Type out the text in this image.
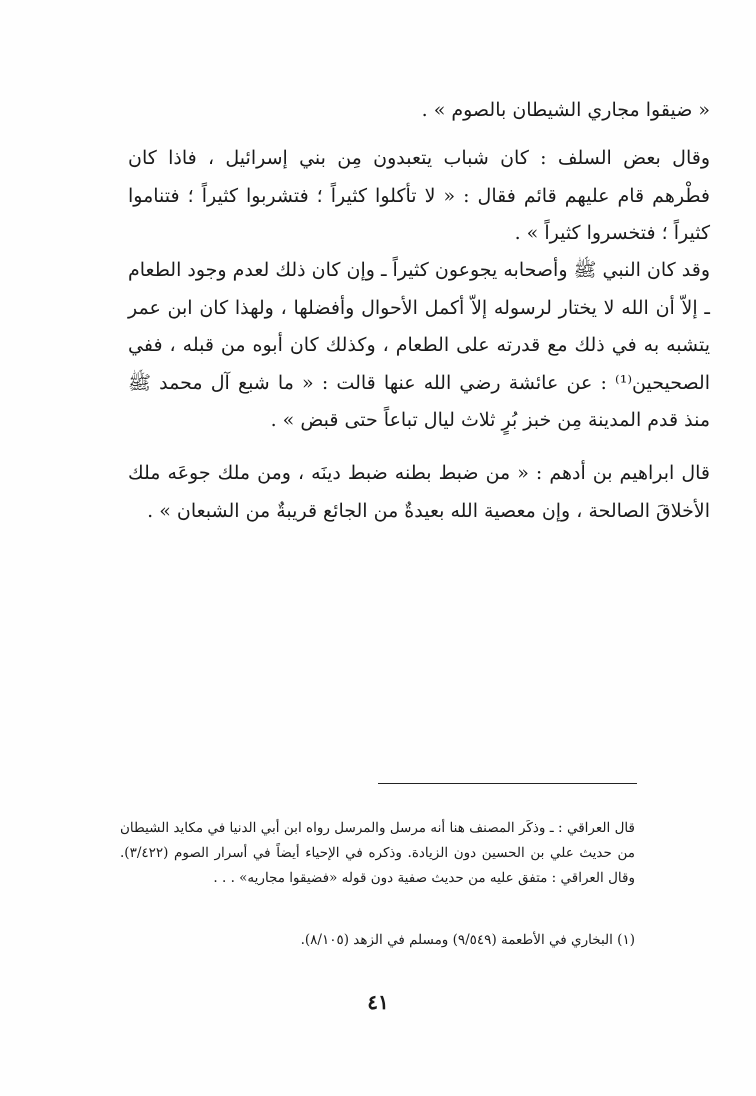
« ضيقوا مجاري الشيطان بالصوم » .

وقال بعض السلف : كان شباب يتعبدون مِن بني إسرائيل ، فاذا كان فطْرهم قام عليهم قائم فقال : « لا تأكلوا كثيراً ؛ فتشربوا كثيراً ؛ فتناموا كثيراً ؛ فتخسروا كثيراً » .

وقد كان النبي ﷺ وأصحابه يجوعون كثيراً ـ وإن كان ذلك لعدم وجود الطعام ـ إلاّ أن الله لا يختار لرسوله إلاّ أكمل الأحوال وأفضلها ، ولهذا كان ابن عمر يتشبه به في ذلك مع قدرته على الطعام ، وكذلك كان أبوه من قبله ، ففي الصحيحين⁽¹⁾ : عن عائشة رضي الله عنها قالت : « ما شبع آل محمد ﷺ منذ قدم المدينة مِن خبز بُرٍ ثلاث ليال تباعاً حتى قبض » .

قال ابراهيم بن أدهم : « من ضبط بطنه ضبط دينَه ، ومن ملك جوعَه ملك الأخلاقَ الصالحة ، وإن معصية الله بعيدةٌ من الجائع قريبةٌ من الشبعان » .

قال العراقي : ـ وذكَر المصنف هنا أنه مرسل والمرسل رواه ابن أبي الدنيا في مكايد الشيطان من حديث علي بن الحسين دون الزيادة. وذكره في الإحياء أيضاً في أسرار الصوم (٣/٤٢٢). وقال العراقي : متفق عليه من حديث صفية دون قوله «فضيقوا مجاريه» . . .

(١) البخاري في الأطعمة (٩/٥٤٩) ومسلم في الزهد (٨/١٠٥).

٤١
